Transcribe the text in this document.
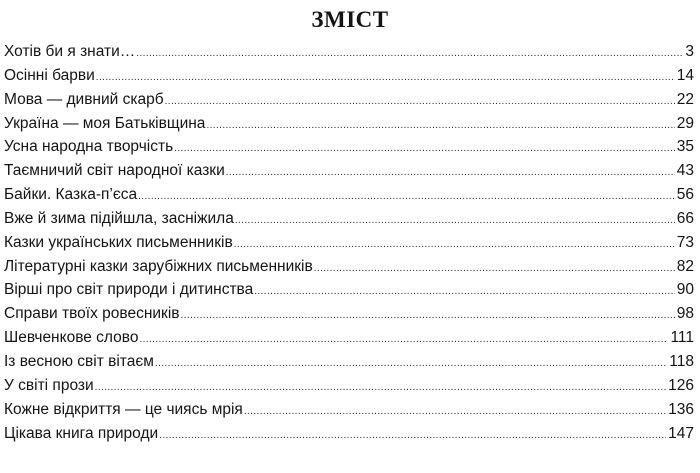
ЗМІСТ
Хотів би я знати… .....	3
Осінні барви .....	14
Мова — дивний скарб .....	22
Україна — моя Батьківщина .....	29
Усна народна творчість .....	35
Таємничий світ народної казки .....	43
Байки. Казка-п’єса .....	56
Вже й зима підійшла, засніжила .....	66
Казки українських письменників .....	73
Літературні казки зарубіжних письменників .....	82
Вірші про світ природи і дитинства .....	90
Справи твоїх ровесників .....	98
Шевченкове слово .....	111
Із весною світ вітаєм .....	118
У світі прози .....	126
Кожне відкриття — це чиясь мрія .....	136
Цікава книга природи .....	147
